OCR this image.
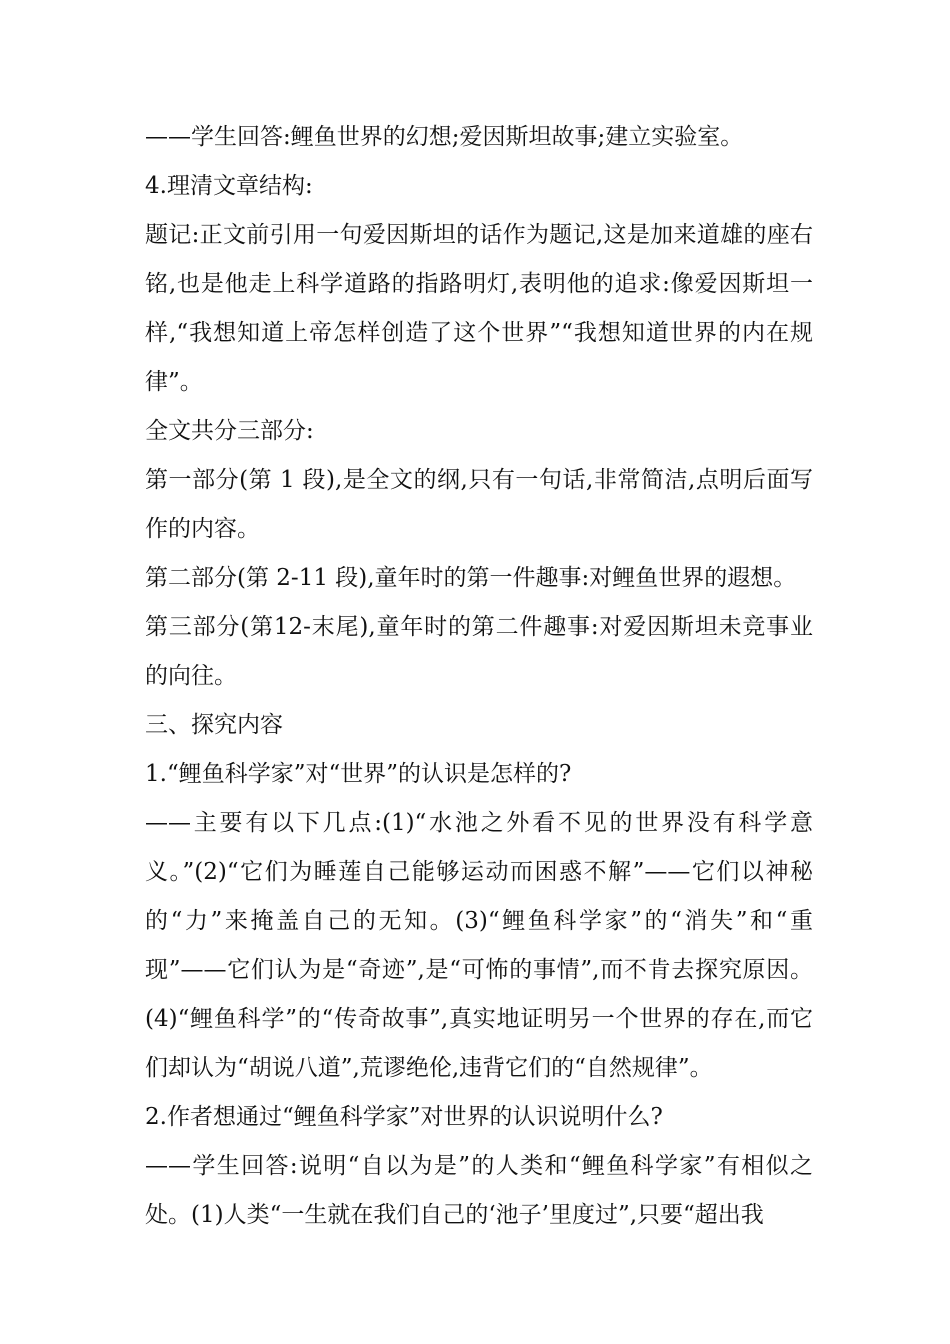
——学生回答:鲤鱼世界的幻想;爱因斯坦故事;建立实验室。

4.理清文章结构:

题记:正文前引用一句爱因斯坦的话作为题记,这是加来道雄的座右铭,也是他走上科学道路的指路明灯,表明他的追求:像爱因斯坦一样,“我想知道上帝怎样创造了这个世界”“我想知道世界的内在规律”。

全文共分三部分:

第一部分(第 1 段),是全文的纲,只有一句话,非常简洁,点明后面写作的内容。

第二部分(第 2-11 段),童年时的第一件趣事:对鲤鱼世界的遐想。

第三部分(第12-末尾),童年时的第二件趣事:对爱因斯坦未竞事业的向往。

三、探究内容

1.“鲤鱼科学家”对“世界”的认识是怎样的?

——主要有以下几点:(1)“水池之外看不见的世界没有科学意义。”(2)“它们为睡莲自己能够运动而困惑不解”——它们以神秘的“力”来掩盖自己的无知。(3)“鲤鱼科学家”的“消失”和“重现”——它们认为是“奇迹”,是“可怖的事情”,而不肯去探究原因。(4)“鲤鱼科学”的“传奇故事”,真实地证明另一个世界的存在,而它们却认为“胡说八道”,荒谬绝伦,违背它们的“自然规律”。

2.作者想通过“鲤鱼科学家”对世界的认识说明什么?

——学生回答:说明“自以为是”的人类和“鲤鱼科学家”有相似之处。(1)人类“一生就在我们自己的‘池子’里度过”,只要“超出我
